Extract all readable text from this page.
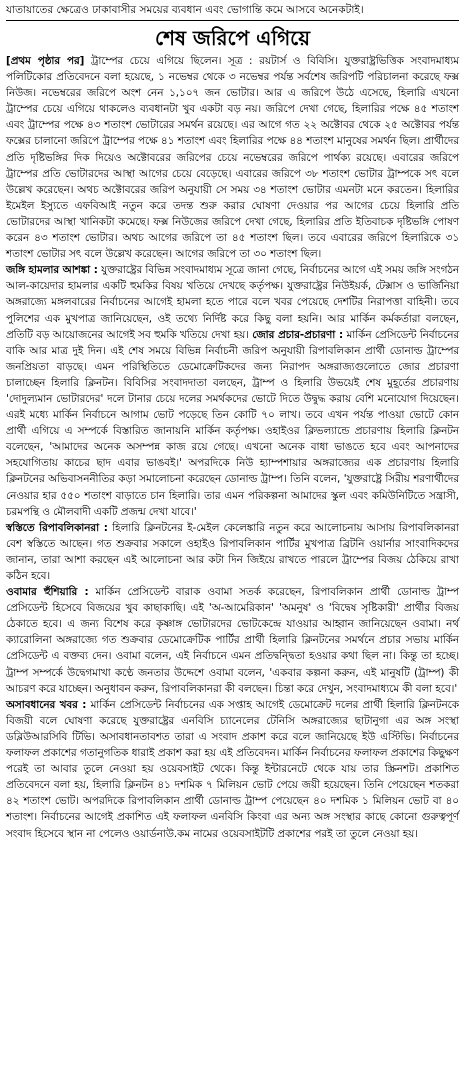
যাতায়াতের ক্ষেত্রেও ঢাকাবাসীর সময়ের ব্যবধান এবং ভোগান্তি কমে আসবে অনেকটাই।
শেষ জরিপে এগিয়ে

[প্রথম পৃষ্ঠার পর] ট্রাম্পের চেয়ে এগিয়ে ছিলেন। সূত্র : রয়টার্স ও বিবিসি। যুক্তরাষ্ট্রভিত্তিক সংবাদমাধ্যম পলিটিকোর প্রতিবেদনে বলা হয়েছে, ১ নভেম্বর থেকে ৩ নভেম্বর পর্যন্ত সর্বশেষ জরিপটি পরিচালনা করেছে ফক্স নিউজ। নভেম্বরের জরিপে অংশ নেন ১,১০৭ জন ভোটার। আর এ জরিপে উঠে এসেছে, হিলারি এখনো ট্রাম্পের চেয়ে এগিয়ে থাকলেও ব্যবধানটা খুব একটা বড় নয়। জরিপে দেখা গেছে, হিলারির পক্ষে ৪৫ শতাংশ এবং ট্রাম্পের পক্ষে ৪৩ শতাংশ ভোটারের সমর্থন রয়েছে। এর আগে গত ২২ অক্টোবর থেকে ২৫ অক্টোবর পর্যন্ত ফক্সের চালানো জরিপে ট্রাম্পের পক্ষে ৪১ শতাংশ এবং হিলারির পক্ষে ৪৪ শতাংশ মানুষের সমর্থন ছিল। প্রার্থীদের প্রতি দৃষ্টিভঙ্গির দিক দিয়েও অক্টোবরের জরিপের চেয়ে নভেম্বরের জরিপে পার্থক্য রয়েছে। এবারের জরিপে ট্রাম্পের প্রতি ভোটারদের আস্থা আগের চেয়ে বেড়েছে। এবারের জরিপে ৩৮ শতাংশ ভোটার ট্রাম্পকে সৎ বলে উল্লেখ করেছেন। অথচ অক্টোবরের জরিপ অনুযায়ী সে সময় ৩৪ শতাংশ ভোটার এমনটা মনে করতেন। হিলারির ইমেইল ইস্যুতে এফবিআই নতুন করে তদন্ত শুরু করার ঘোষণা দেওয়ার পর আগের চেয়ে হিলারি প্রতি ভোটারদের আস্থা খানিকটা কমেছে। ফক্স নিউজের জরিপে দেখা গেছে, হিলারির প্রতি ইতিবাচক দৃষ্টিভঙ্গি পোষণ করেন ৪৩ শতাংশ ভোটার। অথচ আগের জরিপে তা ৪৫ শতাংশ ছিল। তবে এবারের জরিপে হিলারিকে ৩১ শতাংশ ভোটার সৎ বলে উল্লেখ করেছেন। আগের জরিপে তা ৩০ শতাংশ ছিল।

জঙ্গি হামলার আশঙ্কা : যুক্তরাষ্ট্রের বিভিন্ন সংবাদমাধ্যম সূত্রে জানা গেছে, নির্বাচনের আগে এই সময় জঙ্গি সংগঠন আল-কায়েদার হামলার একটি হুমকির বিষয় খতিয়ে দেখছে কর্তৃপক্ষ। যুক্তরাষ্ট্রের নিউইয়র্ক, টেক্সাস ও ভার্জিনিয়া অঙ্গরাজ্যে মঙ্গলবারের নির্বাচনের আগেই হামলা হতে পারে বলে খবর পেয়েছে দেশটির নিরাপত্তা বাহিনী। তবে পুলিশের এক মুখপাত্র জানিয়েছেন, ওই তথ্যে নির্দিষ্ট করে কিছু বলা হয়নি। আর মার্কিন কর্মকর্তারা বলছেন, প্রতিটি বড় আয়োজনের আগেই সব হুমকি খতিয়ে দেখা হয়। জোর প্রচার-প্রচারণা : মার্কিন প্রেসিডেন্ট নির্বাচনের বাকি আর মাত্র দুই দিন। এই শেষ সময়ে বিভিন্ন নির্বাচনী জরিপ অনুযায়ী রিপাবলিকান প্রার্থী ডোনাল্ড ট্রাম্পের জনপ্রিয়তা বাড়ছে। এমন পরিস্থিতিতে ডেমোক্রেটিকদের জন্য নিরাপদ অঙ্গরাজ্যগুলোতে জোর প্রচারণা চালাচ্ছেন হিলারি ক্লিনটন। বিবিসির সংবাদদাতা বলছেন, ট্রাম্প ও হিলারি উভয়েই শেষ মুহূর্তের প্রচারণায় 'দোদুল্যমান ভোটারদের' দলে টানার চেয়ে দলের সমর্থকদের ভোটে দিতে উদ্বুদ্ধ করায় বেশি মনোযোগ দিয়েছেন। এরই মধ্যে মার্কিন নির্বাচনে আগাম ভোট পড়েছে তিন কোটি ৭০ লাখ। তবে এখন পর্যন্ত পাওয়া ভোটে কোন প্রার্থী এগিয়ে এ সম্পর্কে বিস্তারিত জানায়নি মার্কিন কর্তৃপক্ষ। ওহাইওর ক্লিভল্যান্ডে প্রচারণায় হিলারি ক্লিনটন বলেছেন, 'আমাদের অনেক অসম্পন্ন কাজ রয়ে গেছে। এখনো অনেক বাধা ভাঙতে হবে এবং আপনাদের সহযোগিতায় কাচের ছাদ এবার ভাঙবই।' অপরদিকে নিউ হ্যাম্পশায়ার অঙ্গরাজ্যের এক প্রচারণায় হিলারি ক্লিনটনের অভিবাসননীতির কড়া সমালোচনা করেছেন ডোনাল্ড ট্রাম্প। তিনি বলেন, 'যুক্তরাষ্ট্রে সিরীয় শরণার্থীদের নেওয়ার হার ৫৫০ শতাংশ বাড়াতে চান হিলারি। তার এমন পরিকল্পনা আমাদের স্কুল এবং কমিউনিটিতে সন্ত্রাসী, চরমপন্থি ও মৌলবাদী একটি প্রজন্ম দেখা যাবে।'

স্বস্তিতে রিপাবলিকানরা : হিলারি ক্লিনটনের ই-মেইল কেলেঙ্কারি নতুন করে আলোচনায় আসায় রিপাবলিকানরা বেশ স্বস্তিতে আছেন। গত শুক্রবার সকালে ওহাইও রিপাবলিকান পার্টির মুখপাত্র ব্রিটনি ওয়ার্নার সাংবাদিকদের জানান, তারা আশা করছেন এই আলোচনা আর কটা দিন জিইয়ে রাখতে পারলে ট্রাম্পের বিজয় ঠেকিয়ে রাখা কঠিন হবে।

ওবামার হুঁশিয়ারি : মার্কিন প্রেসিডেন্ট বারাক ওবামা সতর্ক করেছেন, রিপাবলিকান প্রার্থী ডোনাল্ড ট্রাম্প প্রেসিডেন্ট হিসেবে বিজয়ের খুব কাছাকাছি। এই 'অ-আমেরিকান' 'অমনুষ' ও 'বিদ্বেষ সৃষ্টিকারী' প্রার্থীর বিজয় ঠেকাতে হবে। এ জন্য বিশেষ করে কৃষ্ণাঙ্গ ভোটারদের ভোটকেন্দ্রে যাওয়ার আহ্বান জানিয়েছেন ওবামা। নর্থ ক্যারোলিনা অঙ্গরাজ্যে গত শুক্রবার ডেমোক্রেটিক পার্টির প্রার্থী হিলারি ক্লিনটনের সমর্থনে প্রচার সভায় মার্কিন প্রেসিডেন্ট এ বক্তব্য দেন। ওবামা বলেন, এই নির্বাচনে এমন প্রতিদ্বন্দ্বিতা হওয়ার কথা ছিল না। কিন্তু তা হচ্ছে। ট্রাম্প সম্পর্কে উদ্বেগমাখা কণ্ঠে জনতার উদ্দেশে ওবামা বলেন, 'একবার কল্পনা করুন, এই মানুষটি (ট্রাম্প) কী আচরণ করে যাচ্ছেন। অনুধাবন করুন, রিপাবলিকানরা কী বলছেন। চিন্তা করে দেখুন, সংবাদমাধ্যমে কী বলা হবে।'

অসাবধানের খবর : মার্কিন প্রেসিডেন্ট নির্বাচনের এক সপ্তাহ আগেই ডেমোক্রেট দলের প্রার্থী হিলারি ক্লিনটনকে বিজয়ী বলে ঘোষণা করেছে যুক্তরাষ্ট্রের এনবিসি চ্যানেলের টেনিসি অঙ্গরাজ্যের ছাটানুগা এর অঙ্গ সংস্থা ডব্লিউআরসিবি টিভি। অসাবধানতাবশত তারা এ সংবাদ প্রকাশ করে বলে জানিয়েছে ইউ এস্টিভি। নির্বাচনের ফলাফল প্রকাশের গতানুগতিক ধারাই প্রকাশ করা হয় এই প্রতিবেদন। মার্কিন নির্বাচনের ফলাফল প্রকাশের কিছুক্ষণ পরেই তা আবার তুলে নেওয়া হয় ওয়েবসাইট থেকে। কিন্তু ইন্টারনেটে থেকে যায় তার স্ক্রিনশট। প্রকাশিত প্রতিবেদনে বলা হয়, হিলারি ক্লিনটন ৪১ দশমিক ৭ মিলিয়ন ভোট পেয়ে জয়ী হয়েছেন। তিনি পেয়েছেন শতকরা ৪২ শতাংশ ভোট। অপরদিকে রিপাবলিকান প্রার্থী ডোনাল্ড ট্রাম্প পেয়েছেন ৪০ দশমিক ১ মিলিয়ন ভোট বা ৪০ শতাংশ। নির্বাচনের আগেই প্রকাশিত এই ফলাফল এনবিসি কিংবা এর অন্য অঙ্গ সংস্থার কাছে কোনো গুরুত্বপূর্ণ সংবাদ হিসেবে স্থান না পেলেও ওয়ার্ডনাউ.কম নামের ওয়েবসাইটটি প্রকাশের পরই তা তুলে নেওয়া হয়।
